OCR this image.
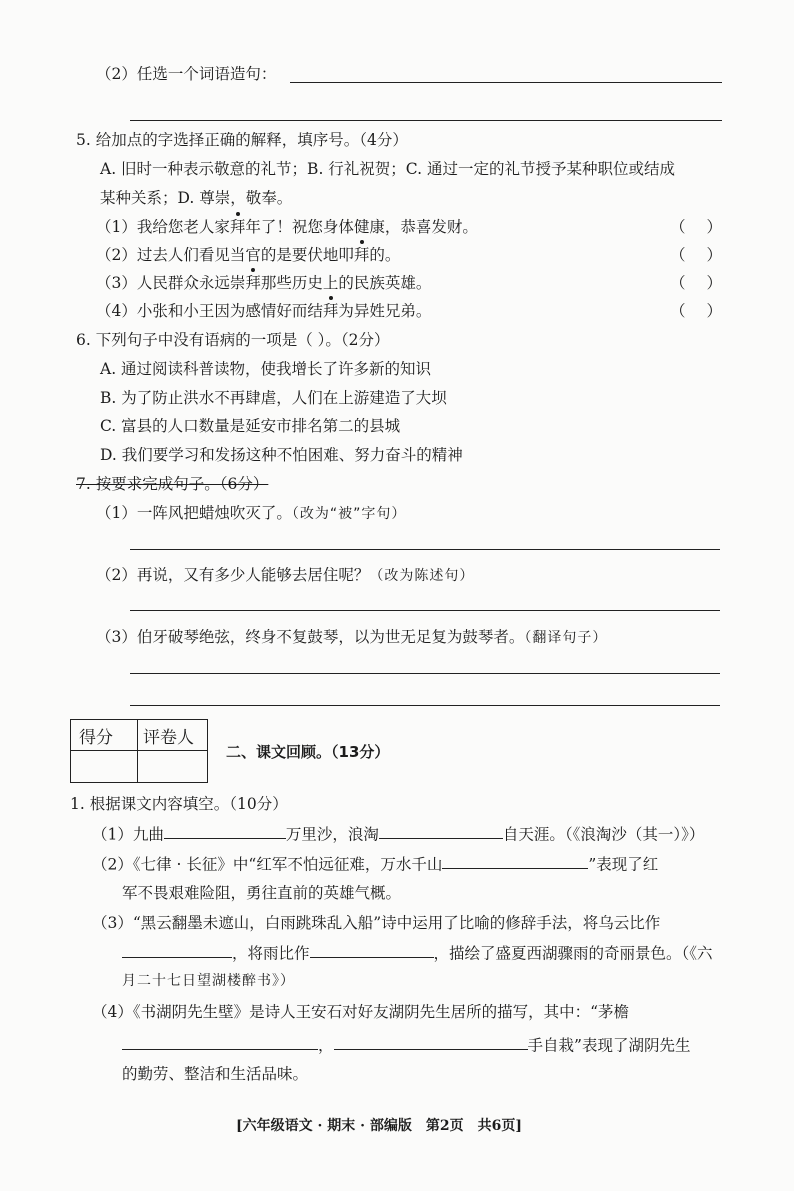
（2）任选一个词语造句：
5. 给加点的字选择正确的解释，填序号。（4分）
A. 旧时一种表示敬意的礼节；B. 行礼祝贺；C. 通过一定的礼节授予某种职位或结成
某种关系；D. 尊崇，敬奉。
（1）我给您老人家拜年了！祝您身体健康，恭喜发财。	（ ）
（2）过去人们看见当官的是要伏地叩拜的。	（ ）
（3）人民群众永远崇拜那些历史上的民族英雄。	（ ）
（4）小张和小王因为感情好而结拜为异姓兄弟。	（ ）
6. 下列句子中没有语病的一项是（ ）。（2分）
A. 通过阅读科普读物，使我增长了许多新的知识
B. 为了防止洪水不再肆虐，人们在上游建造了大坝
C. 富县的人口数量是延安市排名第二的县城
D. 我们要学习和发扬这种不怕困难、努力奋斗的精神
7. 按要求完成句子。（6分）
（1）一阵风把蜡烛吹灭了。（改为“被”字句）
（2）再说，又有多少人能够去居住呢？（改为陈述句）
（3）伯牙破琴绝弦，终身不复鼓琴，以为世无足复为鼓琴者。（翻译句子）
得分 评卷人
二、课文回顾。（13分）
1. 根据课文内容填空。（10分）
（1）九曲	万里沙，浪淘	自天涯。（《浪淘沙（其一）》）
（2）《七律 · 长征》中“红军不怕远征难，万水千山	”表现了红
军不畏艰难险阻，勇往直前的英雄气概。
（3）“黑云翻墨未遮山，白雨跳珠乱入船”诗中运用了比喻的修辞手法，将乌云比作
，将雨比作	，描绘了盛夏西湖骤雨的奇丽景色。（《六
月二十七日望湖楼醉书》）
（4）《书湖阴先生壁》是诗人王安石对好友湖阴先生居所的描写，其中：“茅檐
，	手自栽”表现了湖阴先生
的勤劳、整洁和生活品味。
[六年级语文 · 期末 · 部编版　第2页　共6页]
